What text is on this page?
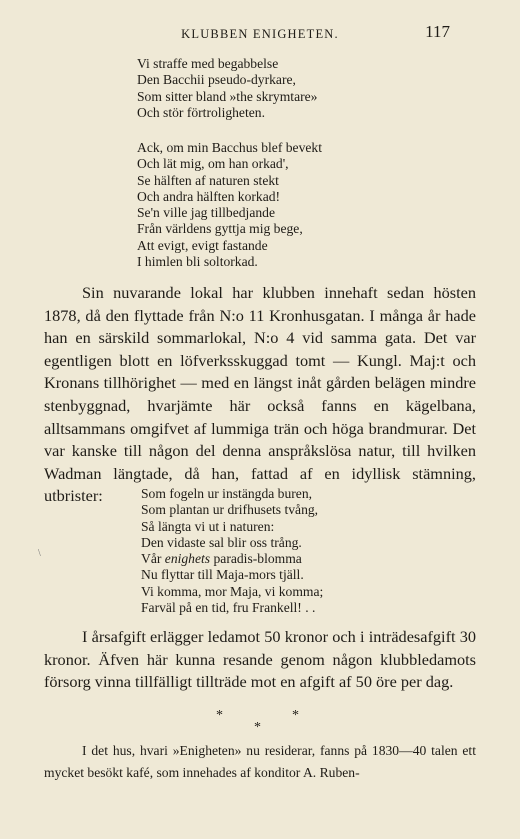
KLUBBEN ENIGHETEN.	117
Vi straffe med begabbelse
Den Bacchii pseudo-dyrkare,
Som sitter bland »the skrymtare»
Och stör förtroligheten.
Ack, om min Bacchus blef bevekt
Och lät mig, om han orkad',
Se hälften af naturen stekt
Och andra hälften korkad!
Se'n ville jag tillbedjande
Från världens gyttja mig bege,
Att evigt, evigt fastande
I himlen bli soltorkad.
Sin nuvarande lokal har klubben innehaft sedan hösten 1878, då den flyttade från N:o 11 Kronhusgatan. I många år hade han en särskild sommarlokal, N:o 4 vid samma gata. Det var egentligen blott en löfverksskuggad tomt — Kungl. Maj:t och Kronans tillhörighet — med en längst inåt gården belägen mindre stenbyggnad, hvarjämte här också fanns en kägelbana, alltsammans omgifvet af lummiga trän och höga brandmurar. Det var kanske till någon del denna anspråkslösa natur, till hvilken Wadman längtade, då han, fattad af en idyllisk stämning, utbrister:
\
Som fogeln ur instängda buren,
Som plantan ur drifhusets tvång,
Så längta vi ut i naturen:
Den vidaste sal blir oss trång.
Vår enighets paradis-blomma
Nu flyttar till Maja-mors tjäll.
Vi komma, mor Maja, vi komma;
Farväl på en tid, fru Frankell! . .
I årsafgift erlägger ledamot 50 kronor och i inträdesafgift 30 kronor. Äfven här kunna resande genom någon klubbledamots försorg vinna tillfälligt tillträde mot en afgift af 50 öre per dag.
*	*
*
I det hus, hvari »Enigheten» nu residerar, fanns på 1830—40 talen ett mycket besökt kafé, som innehades af konditor A. Ruben-
